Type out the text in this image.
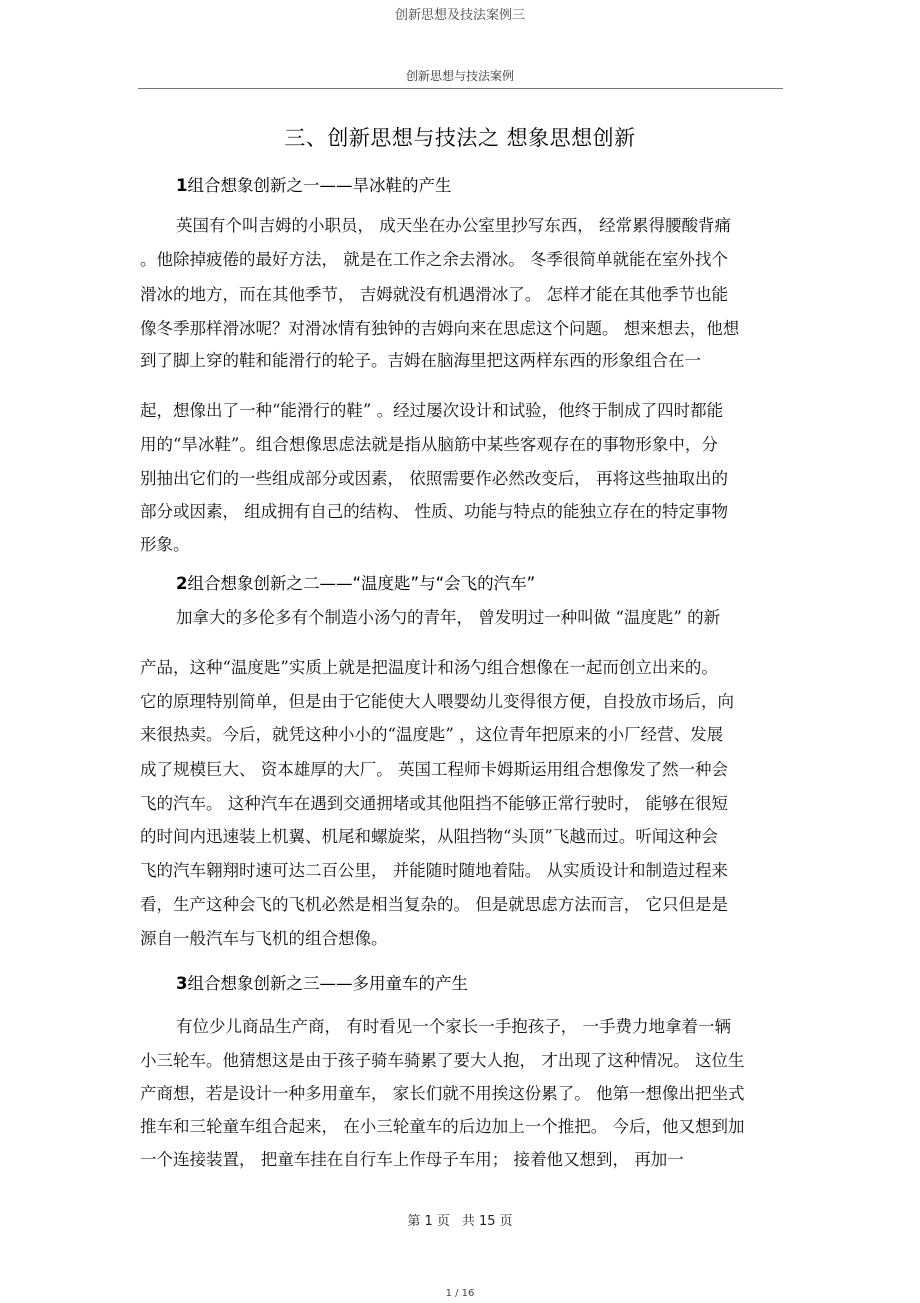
创新思想及技法案例三
创新思想与技法案例
三、创新思想与技法之 想象思想创新
1组合想象创新之一——旱冰鞋的产生
英国有个叫吉姆的小职员， 成天坐在办公室里抄写东西， 经常累得腰酸背痛
。他除掉疲倦的最好方法， 就是在工作之余去滑冰。 冬季很简单就能在室外找个
滑冰的地方，而在其他季节， 吉姆就没有机遇滑冰了。 怎样才能在其他季节也能
像冬季那样滑冰呢？对滑冰情有独钟的吉姆向来在思虑这个问题。 想来想去，他想
到了脚上穿的鞋和能滑行的轮子。吉姆在脑海里把这两样东西的形象组合在一
起，想像出了一种“能滑行的鞋” 。经过屡次设计和试验，他终于制成了四时都能
用的“旱冰鞋”。组合想像思虑法就是指从脑筋中某些客观存在的事物形象中，分
别抽出它们的一些组成部分或因素， 依照需要作必然改变后， 再将这些抽取出的
部分或因素， 组成拥有自己的结构、 性质、功能与特点的能独立存在的特定事物
形象。
2组合想象创新之二——“温度匙”与“会飞的汽车”
加拿大的多伦多有个制造小汤勺的青年， 曾发明过一种叫做 “温度匙” 的新
产品，这种“温度匙”实质上就是把温度计和汤勺组合想像在一起而创立出来的。
它的原理特别简单，但是由于它能使大人喂婴幼儿变得很方便，自投放市场后，向
来很热卖。今后，就凭这种小小的“温度匙” ，这位青年把原来的小厂经营、发展
成了规模巨大、 资本雄厚的大厂。 英国工程师卡姆斯运用组合想像发了然一种会
飞的汽车。 这种汽车在遇到交通拥堵或其他阻挡不能够正常行驶时， 能够在很短
的时间内迅速装上机翼、机尾和螺旋桨，从阻挡物“头顶”飞越而过。听闻这种会
飞的汽车翱翔时速可达二百公里， 并能随时随地着陆。 从实质设计和制造过程来
看，生产这种会飞的飞机必然是相当复杂的。 但是就思虑方法而言， 它只但是是
源自一般汽车与飞机的组合想像。
3组合想象创新之三——多用童车的产生
有位少儿商品生产商， 有时看见一个家长一手抱孩子， 一手费力地拿着一辆
小三轮车。他猜想这是由于孩子骑车骑累了要大人抱， 才出现了这种情况。 这位生
产商想，若是设计一种多用童车， 家长们就不用挨这份累了。 他第一想像出把坐式
推车和三轮童车组合起来， 在小三轮童车的后边加上一个推把。 今后，他又想到加
一个连接装置， 把童车挂在自行车上作母子车用； 接着他又想到， 再加一
第 1 页 共 15 页
1 / 16
